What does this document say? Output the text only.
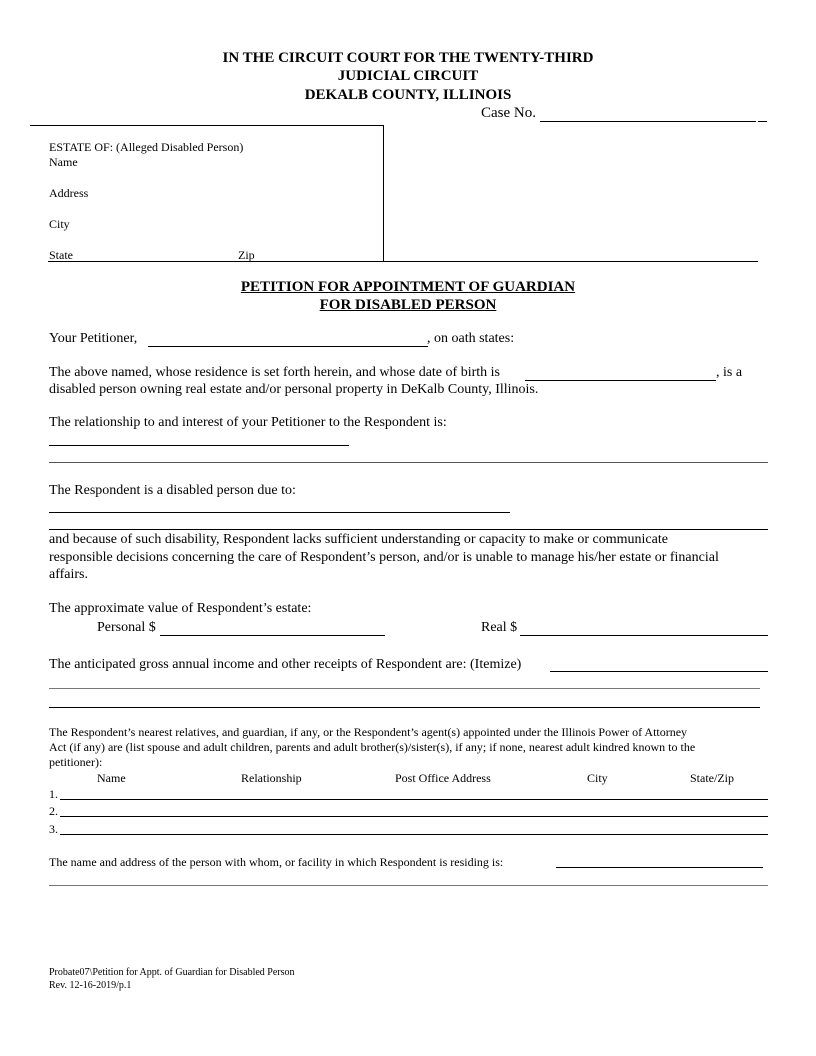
IN THE CIRCUIT COURT FOR THE TWENTY-THIRD
JUDICIAL CIRCUIT
DEKALB COUNTY, ILLINOIS
Case No.
ESTATE OF: (Alleged Disabled Person)
Name
Address
City
State	Zip
PETITION FOR APPOINTMENT OF GUARDIAN
FOR DISABLED PERSON
Your Petitioner,	, on oath states:
The above named, whose residence is set forth herein, and whose date of birth is	, is a
disabled person owning real estate and/or personal property in DeKalb County, Illinois.
The relationship to and interest of your Petitioner to the Respondent is:
The Respondent is a disabled person due to:
and because of such disability, Respondent lacks sufficient understanding or capacity to make or communicate
responsible decisions concerning the care of Respondent’s person, and/or is unable to manage his/her estate or financial
affairs.
The approximate value of Respondent’s estate:
Personal $	Real $
The anticipated gross annual income and other receipts of Respondent are: (Itemize)
The Respondent’s nearest relatives, and guardian, if any, or the Respondent’s agent(s) appointed under the Illinois Power of Attorney
Act (if any) are (list spouse and adult children, parents and adult brother(s)/sister(s), if any; if none, nearest adult kindred known to the
petitioner):
Name	Relationship	Post Office Address	City	State/Zip
1.
2.
3.
The name and address of the person with whom, or facility in which Respondent is residing is:
Probate07\Petition for Appt. of Guardian for Disabled Person
Rev. 12-16-2019/p.1
